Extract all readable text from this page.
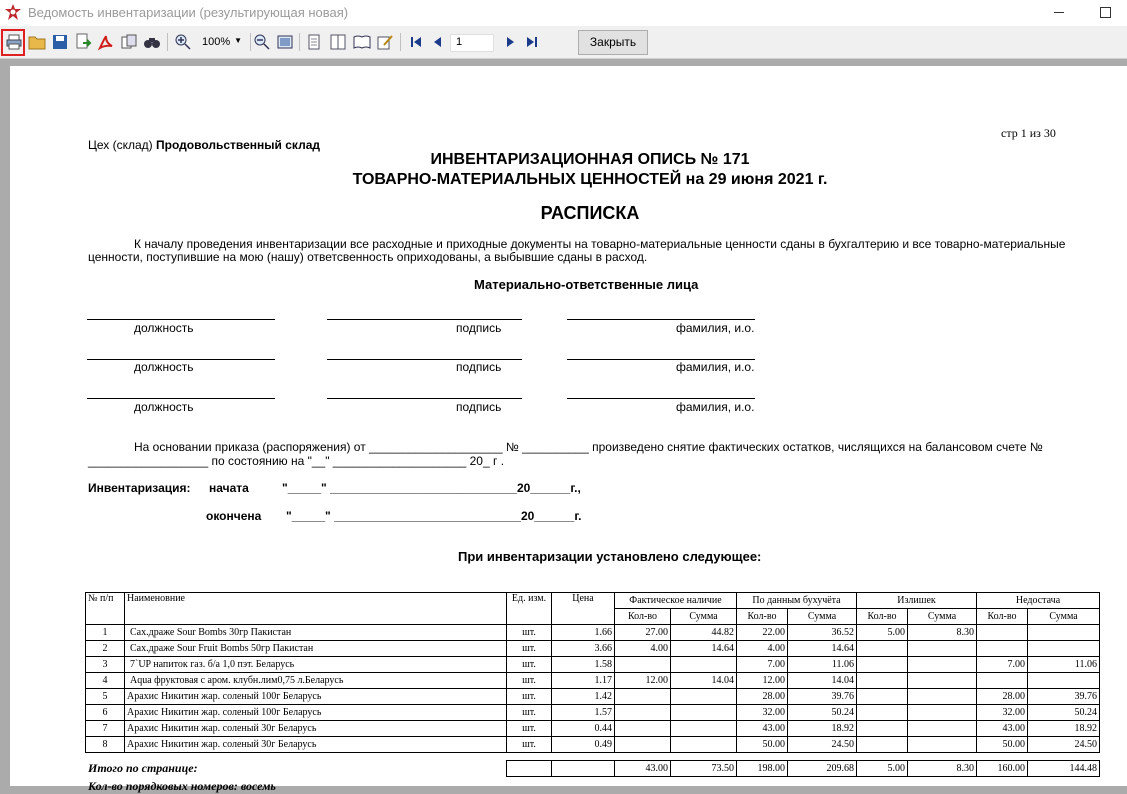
Ведомость инвентаризации (результирующая новая)
100% ▼	1	Закрыть
стр 1 из 30
Цех (склад) Продовольственный склад
ИНВЕНТАРИЗАЦИОННАЯ ОПИСЬ № 171
ТОВАРНО-МАТЕРИАЛЬНЫХ ЦЕННОСТЕЙ на 29 июня 2021 г.
РАСПИСКА
К началу проведения инвентаризации все расходные и приходные документы на товарно-материальные ценности сданы в бухгалтерию и все товарно-материальные
ценности, поступившие на мою (нашу) ответсвенность оприходованы, а выбывшие сданы в расход.
Материально-ответственные лица
должность	подпись	фамилия, и.о.
должность	подпись	фамилия, и.о.
должность	подпись	фамилия, и.о.
На основании приказа (распоряжения) от ____________________ № __________ произведено снятие фактических остатков, числящихся на балансовом счете №
__________________ по состоянию на "__" ____________________ 20_ г .
Инвентаризация: начата	"_____" ____________________________20______г.,
окончена "_____" ____________________________20______г.
При инвентаризации установлено следующее:
№ п/п	Наименовние	Ед. изм.	Цена	Фактическое наличие		По данным бухучёта		Излишек		Недостача	
				Кол-во	Сумма	Кол-во	Сумма	Кол-во	Сумма	Кол-во	Сумма
1	Сах.драже Sour Bombs 30гр Пакистан	шт.	1.66	27.00	44.82	22.00	36.52	5.00	8.30		
2	Сах.драже Sour Fruit Bombs 50гр Пакистан	шт.	3.66	4.00	14.64	4.00	14.64				
3	7`UP напиток газ. б/а 1,0 пэт. Беларусь	шт.	1.58			7.00	11.06			7.00	11.06
4	Aqua фруктовая с аром. клубн.лим0,75 л.Беларусь	шт.	1.17	12.00	14.04	12.00	14.04				
5	Арахис Никитин жар. соленый 100г Беларусь	шт.	1.42			28.00	39.76			28.00	39.76
6	Арахис Никитин жар. соленый 100г Беларусь	шт.	1.57			32.00	50.24			32.00	50.24
7	Арахис Никитин жар. соленый 30г Беларусь	шт.	0.44			43.00	18.92			43.00	18.92
8	Арахис Никитин жар. соленый 30г Беларусь	шт.	0.49			50.00	24.50			50.00	24.50
Итого по странице:
			43.00	73.50	198.00	209.68	5.00	8.30	160.00	144.48
Кол-во порядковых номеров: восемь
